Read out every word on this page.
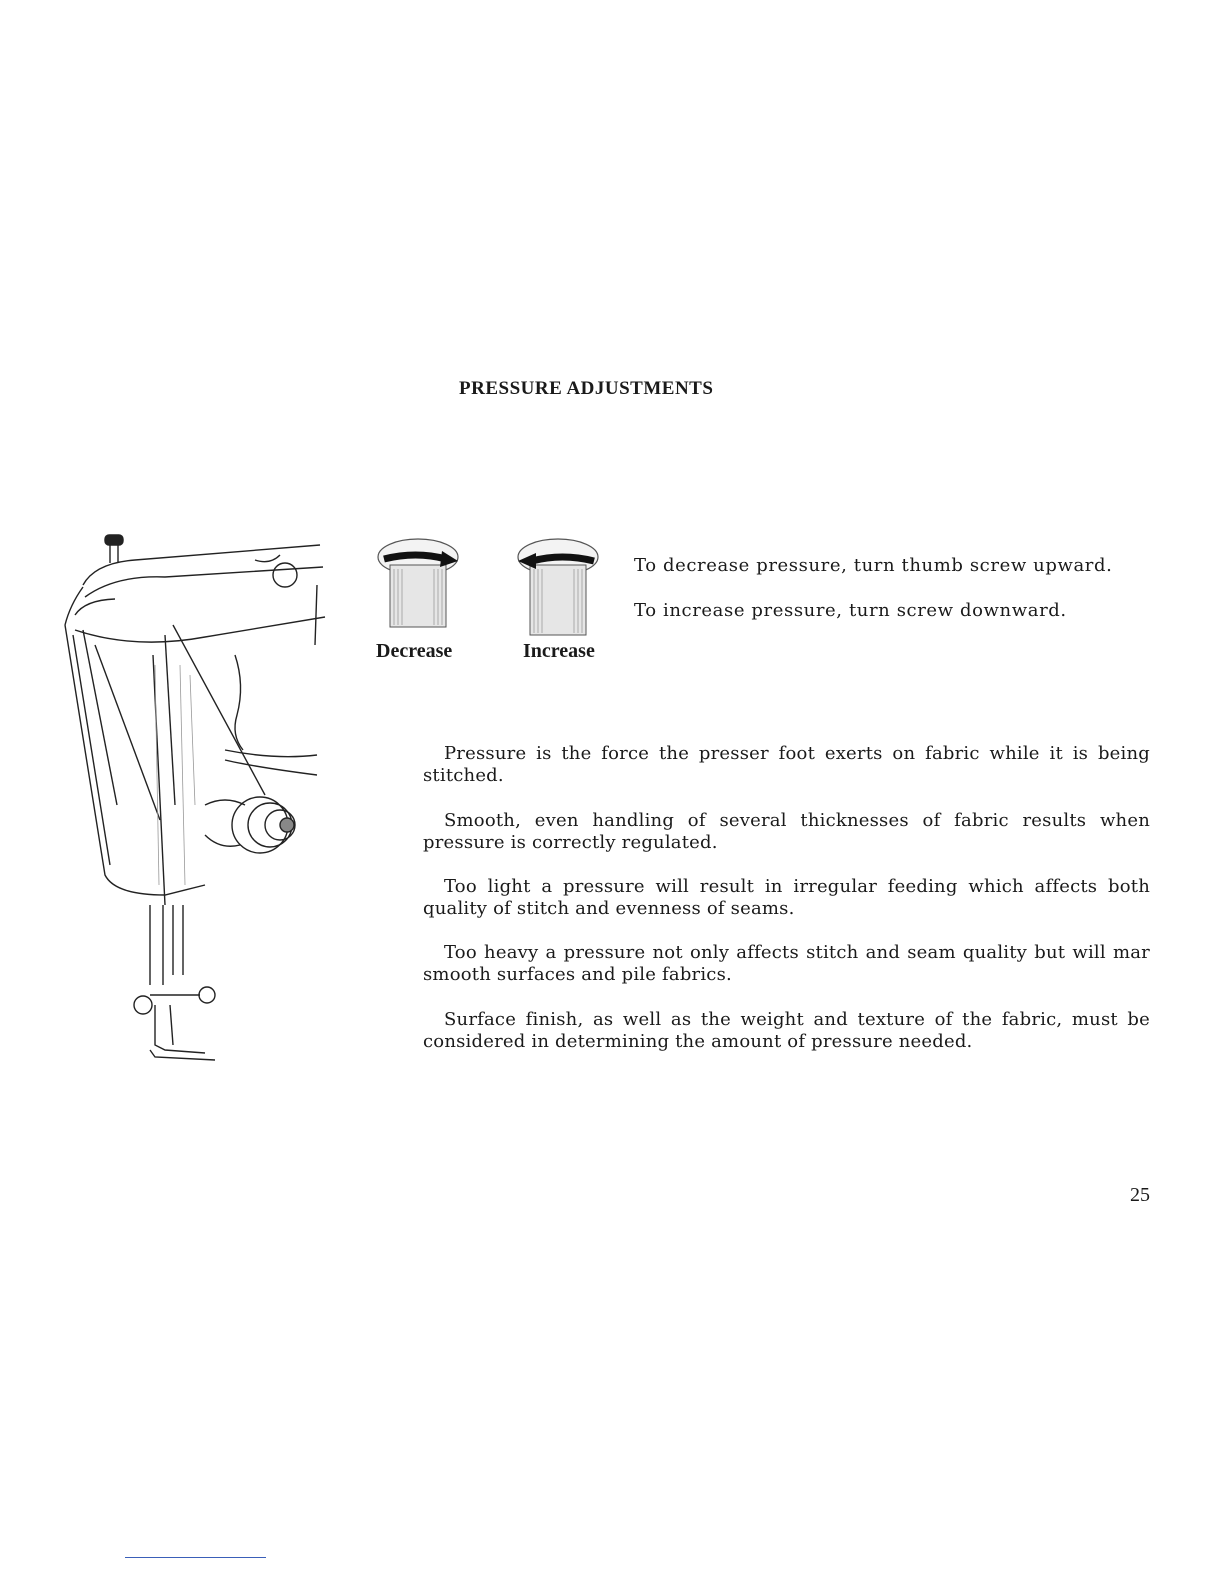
PRESSURE ADJUSTMENTS
Decrease	Increase
To decrease pressure, turn thumb screw upward.
To increase pressure, turn screw downward.

Pressure is the force the presser foot exerts on fabric while it is being stitched.

Smooth, even handling of several thicknesses of fabric results when pressure is correctly regulated.

Too light a pressure will result in irregular feeding which affects both quality of stitch and evenness of seams.

Too heavy a pressure not only affects stitch and seam quality but will mar smooth surfaces and pile fabrics.

Surface finish, as well as the weight and texture of the fabric, must be considered in determining the amount of pressure needed.

25
